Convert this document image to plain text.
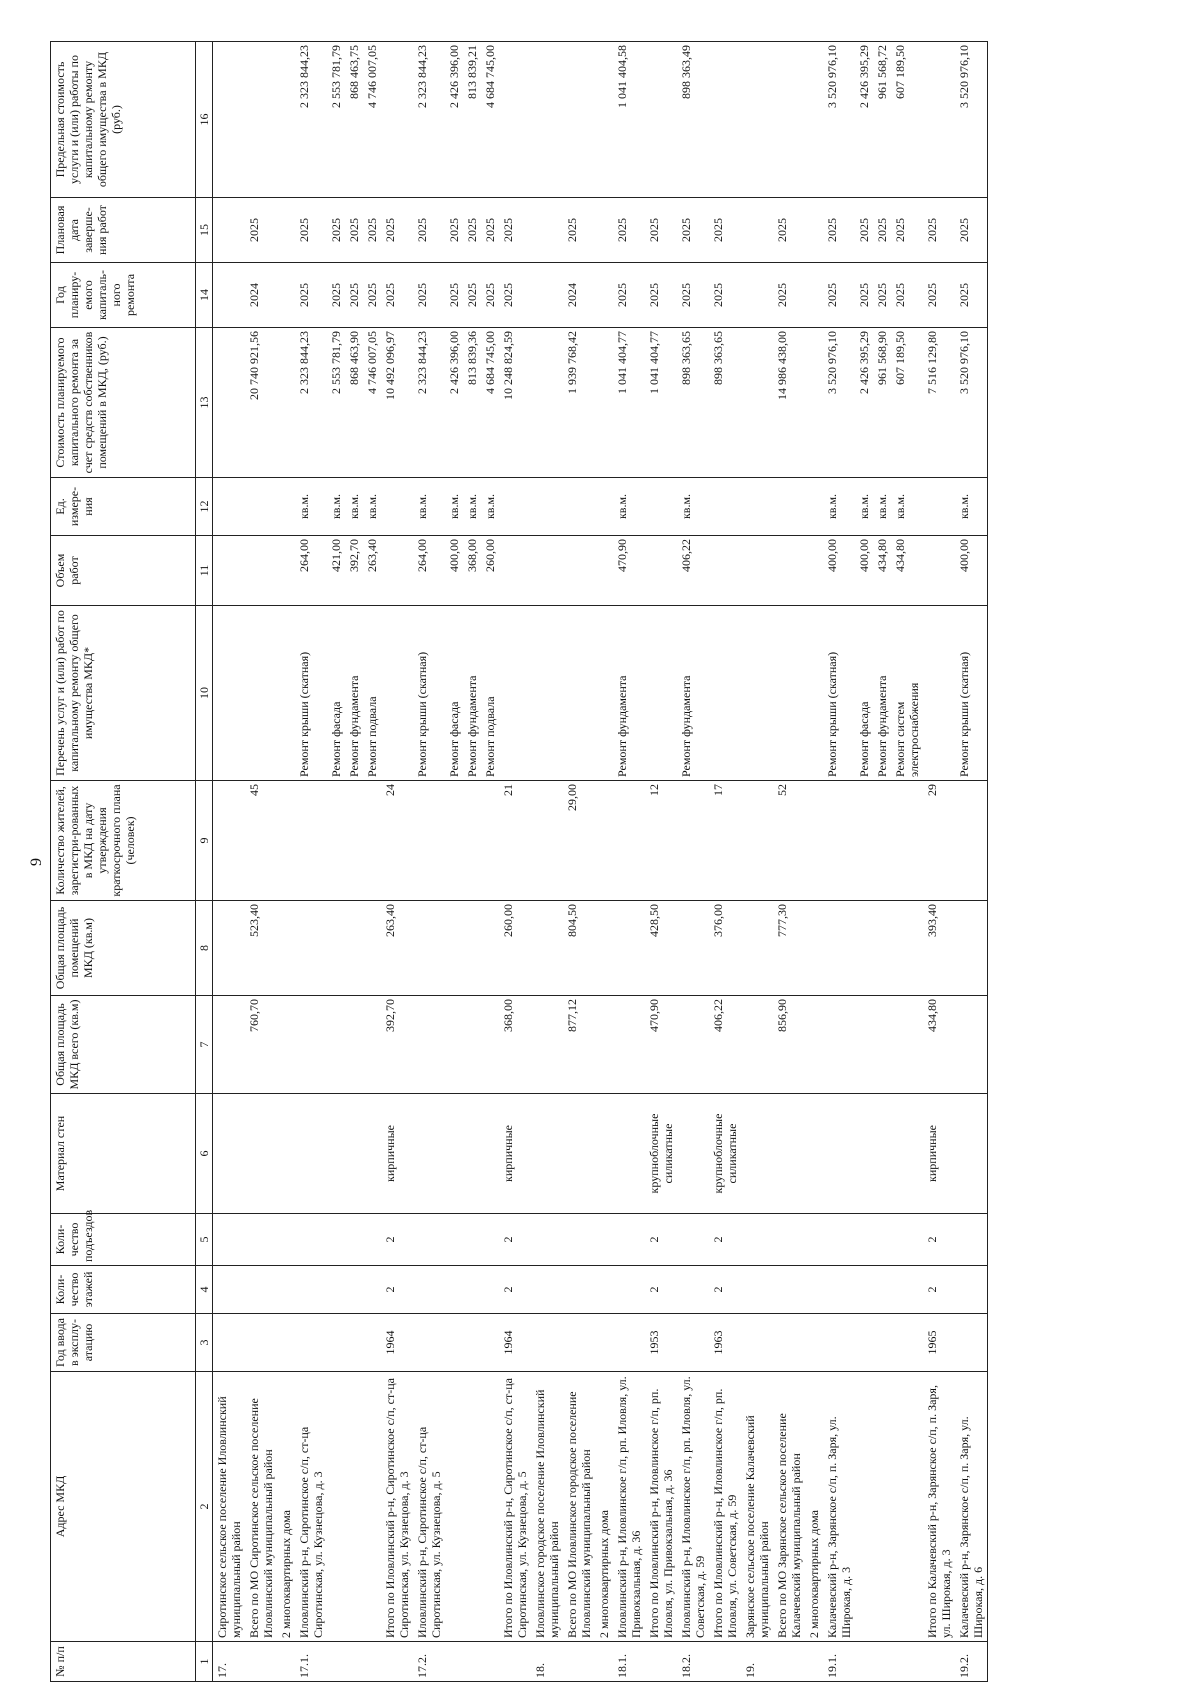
9
№ п/п	Адрес МКД	Год ввода в эксплу-атацию	Коли-чество этажей	Коли-чество подъездов	Материал стен	Общая площадь МКД всего (кв.м)	Общая площадь помещений МКД (кв.м)	Количество жителей, зарегистри-рованных в МКД на дату утверждения краткосрочного плана (человек)	Перечень услуг и (или) работ по капитальному ремонту общего имущества МКД*	Объем работ	Ед. измере-ния	Стоимость планируемого капитального ремонта за счет средств собственников помещений в МКД, (руб.)	Год планиру-емого капиталь-ного ремонта	Плановая дата заверше-ния работ	Предельная стоимость услуги и (или) работы по капитальному ремонту общего имущества в МКД (руб.)
1	2	3	4	5	6	7	8	9	10	11	12	13	14	15	16
17.	Сиротинское сельское поселение Иловлинский муниципальный район														
	Всего по МО Сиротинское сельское поселение Иловлинский муниципальный район					760,70	523,40	45				20 740 921,56	2024	2025	
	2 многоквартирных дома														
17.1.	Иловлинский р-н, Сиротинское с/п, ст-ца Сиротинская, ул. Кузнецова, д. 3								Ремонт крыши (скатная)	264,00	кв.м.	2 323 844,23	2025	2025	2 323 844,23
									Ремонт фасада	421,00	кв.м.	2 553 781,79	2025	2025	2 553 781,79
									Ремонт фундамента	392,70	кв.м.	868 463,90	2025	2025	868 463,75
									Ремонт подвала	263,40	кв.м.	4 746 007,05	2025	2025	4 746 007,05
	Итого по Иловлинский р-н, Сиротинское с/п, ст-ца Сиротинская, ул. Кузнецова, д. 3	1964	2	2	кирпичные	392,70	263,40	24				10 492 096,97	2025	2025	
17.2.	Иловлинский р-н, Сиротинское с/п, ст-ца Сиротинская, ул. Кузнецова, д. 5								Ремонт крыши (скатная)	264,00	кв.м.	2 323 844,23	2025	2025	2 323 844,23
									Ремонт фасада	400,00	кв.м.	2 426 396,00	2025	2025	2 426 396,00
									Ремонт фундамента	368,00	кв.м.	813 839,36	2025	2025	813 839,21
									Ремонт подвала	260,00	кв.м.	4 684 745,00	2025	2025	4 684 745,00
	Итого по Иловлинский р-н, Сиротинское с/п, ст-ца Сиротинская, ул. Кузнецова, д. 5	1964	2	2	кирпичные	368,00	260,00	21				10 248 824,59	2025	2025	
18.	Иловлинское городское поселение Иловлинский муниципальный район														
	Всего по МО Иловлинское городское поселение Иловлинский муниципальный район					877,12	804,50	29,00				1 939 768,42	2024	2025	
	2 многоквартирных дома														
18.1.	Иловлинский р-н, Иловлинское г/п, рп. Иловля, ул. Привокзальная, д. 36								Ремонт фундамента	470,90	кв.м.	1 041 404,77	2025	2025	1 041 404,58
	Итого по Иловлинский р-н, Иловлинское г/п, рп. Иловля, ул. Привокзальная, д. 36	1953	2	2	крупноблочные силикатные	470,90	428,50	12				1 041 404,77	2025	2025	
18.2.	Иловлинский р-н, Иловлинское г/п, рп. Иловля, ул. Советская, д. 59								Ремонт фундамента	406,22	кв.м.	898 363,65	2025	2025	898 363,49
	Итого по Иловлинский р-н, Иловлинское г/п, рп. Иловля, ул. Советская, д. 59	1963	2	2	крупноблочные силикатные	406,22	376,00	17				898 363,65	2025	2025	
19.	Зарянское сельское поселение Калачевский муниципальный район														
	Всего по МО Зарянское сельское поселение Калачевский муниципальный район					856,90	777,30	52				14 986 438,00	2025	2025	
	2 многоквартирных дома														
19.1.	Калачевский р-н, Зарянское с/п, п. Заря, ул. Широкая, д. 3								Ремонт крыши (скатная)	400,00	кв.м.	3 520 976,10	2025	2025	3 520 976,10
									Ремонт фасада	400,00	кв.м.	2 426 395,29	2025	2025	2 426 395,29
									Ремонт фундамента	434,80	кв.м.	961 568,90	2025	2025	961 568,72
									Ремонт систем электроснабжения	434,80	кв.м.	607 189,50	2025	2025	607 189,50
	Итого по Калачевский р-н, Зарянское с/п, п. Заря, ул. Широкая, д. 3	1965	2	2	кирпичные	434,80	393,40	29				7 516 129,80	2025	2025	
19.2.	Калачевский р-н, Зарянское с/п, п. Заря, ул. Широкая, д. 6								Ремонт крыши (скатная)	400,00	кв.м.	3 520 976,10	2025	2025	3 520 976,10
